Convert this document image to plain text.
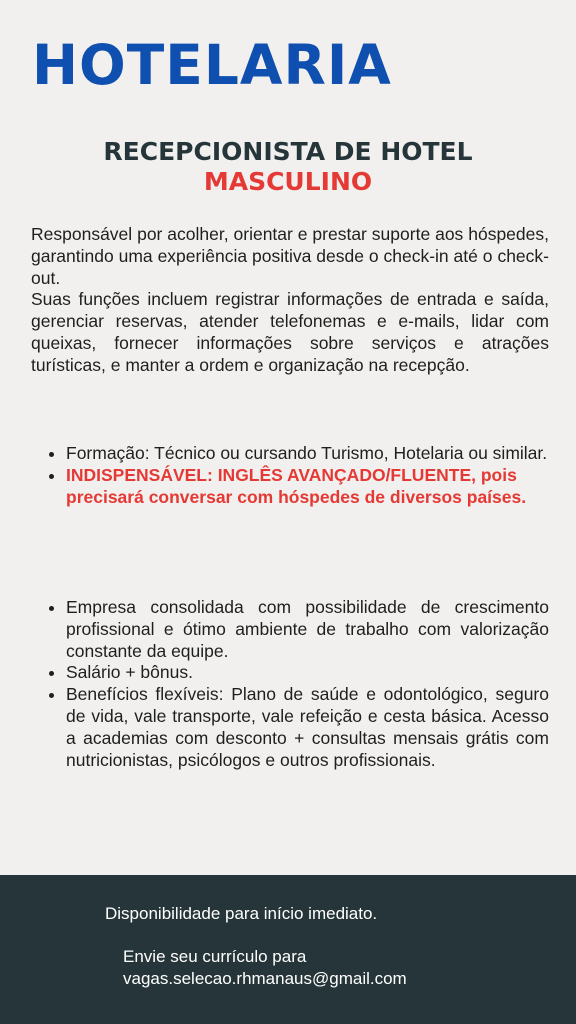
HOTELARIA
RECEPCIONISTA DE HOTEL
MASCULINO

Responsável por acolher, orientar e prestar suporte aos hóspedes, garantindo uma experiência positiva desde o check-in até o check-out.

Suas funções incluem registrar informações de entrada e saída, gerenciar reservas, atender telefonemas e e-mails, lidar com queixas, fornecer informações sobre serviços e atrações turísticas, e manter a ordem e organização na recepção.

• Formação: Técnico ou cursando Turismo, Hotelaria ou similar.
• INDISPENSÁVEL: INGLÊS AVANÇADO/FLUENTE, pois precisará conversar com hóspedes de diversos países.
• Empresa consolidada com possibilidade de crescimento profissional e ótimo ambiente de trabalho com valorização constante da equipe.
• Salário + bônus.
• Benefícios flexíveis: Plano de saúde e odontológico, seguro de vida, vale transporte, vale refeição e cesta básica. Acesso a academias com desconto + consultas mensais grátis com nutricionistas, psicólogos e outros profissionais.
Disponibilidade para início imediato.
Envie seu currículo para
vagas.selecao.rhmanaus@gmail.com
